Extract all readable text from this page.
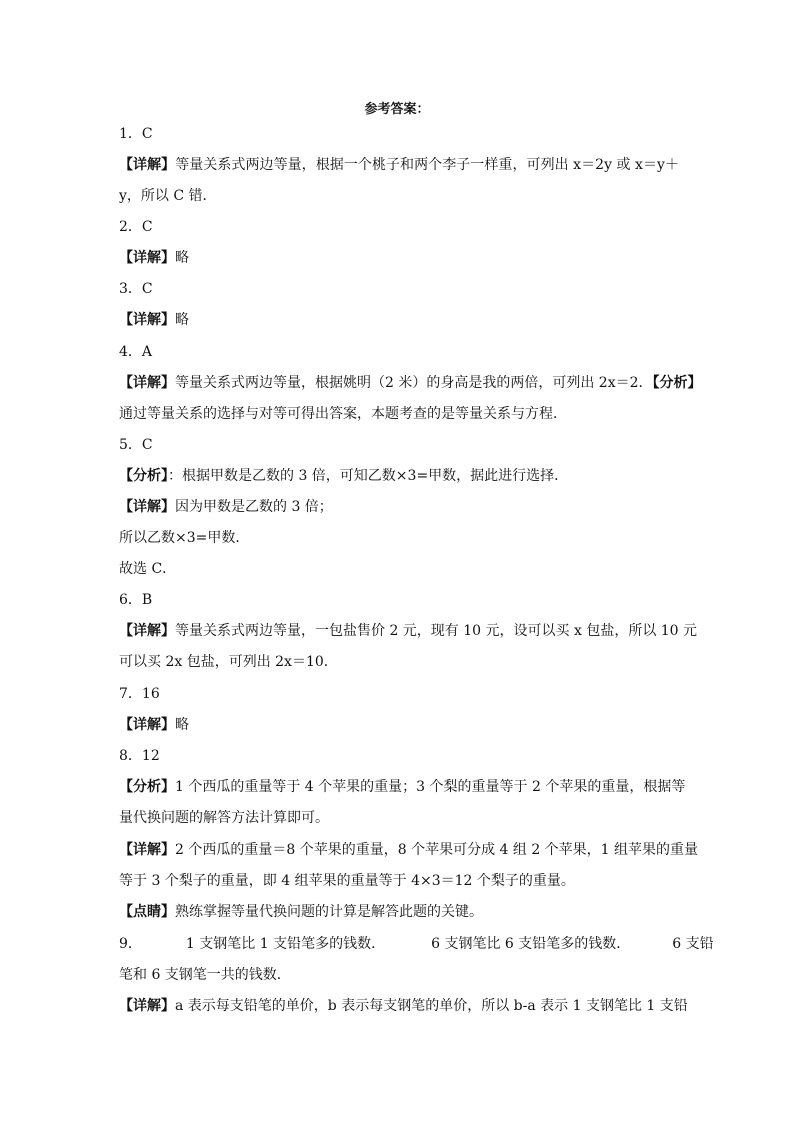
参考答案：
1．C
【详解】等量关系式两边等量，根据一个桃子和两个李子一样重，可列出 x＝2y 或 x＝y＋
y，所以 C 错．
2．C
【详解】略
3．C
【详解】略
4．A
【详解】等量关系式两边等量，根据姚明（2 米）的身高是我的两倍，可列出 2x＝2．【分析】
通过等量关系的选择与对等可得出答案，本题考查的是等量关系与方程．
5．C
【分析】：根据甲数是乙数的 3 倍，可知乙数×3=甲数，据此进行选择．
【详解】因为甲数是乙数的 3 倍；
所以乙数×3=甲数．
故选 C．
6．B
【详解】等量关系式两边等量，一包盐售价 2 元，现有 10 元，设可以买 x 包盐，所以 10 元
可以买 2x 包盐，可列出 2x＝10．
7．16
【详解】略
8．12
【分析】1 个西瓜的重量等于 4 个苹果的重量；3 个梨的重量等于 2 个苹果的重量，根据等
量代换问题的解答方法计算即可。
【详解】2 个西瓜的重量＝8 个苹果的重量，8 个苹果可分成 4 组 2 个苹果，1 组苹果的重量
等于 3 个梨子的重量，即 4 组苹果的重量等于 4×3＝12 个梨子的重量。
【点睛】熟练掌握等量代换问题的计算是解答此题的关键。
9．	1 支钢笔比 1 支铅笔多的钱数．	6 支钢笔比 6 支铅笔多的钱数．	6 支铅
笔和 6 支钢笔一共的钱数．
【详解】a 表示每支铅笔的单价，b 表示每支钢笔的单价，所以 b-a 表示 1 支钢笔比 1 支铅
